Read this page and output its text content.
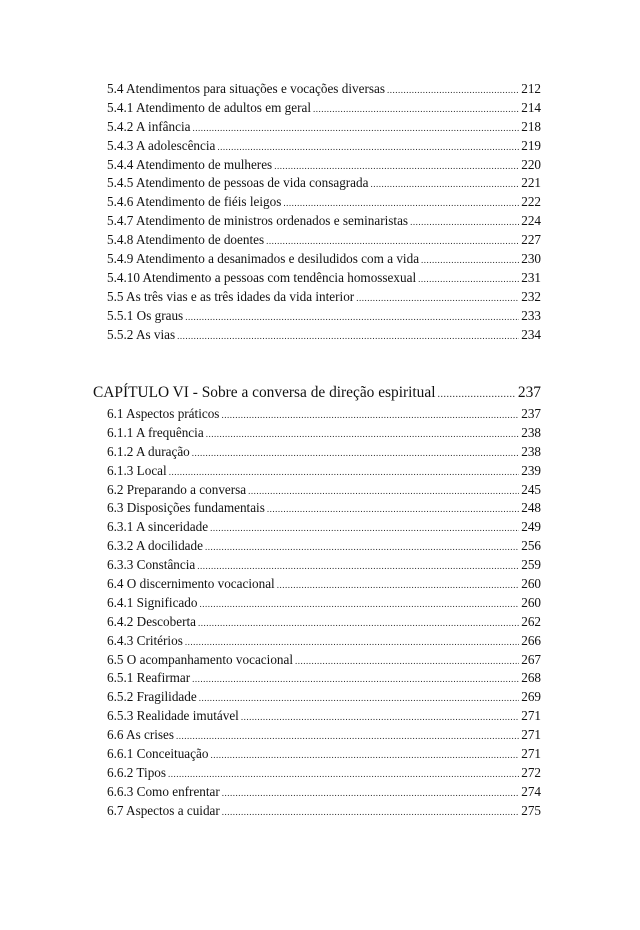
5.4 Atendimentos para situações e vocações diversas .....	212
5.4.1 Atendimento de adultos em geral .....	214
5.4.2 A infância .....	218
5.4.3 A adolescência .....	219
5.4.4 Atendimento de mulheres .....	220
5.4.5 Atendimento de pessoas de vida consagrada .....	221
5.4.6 Atendimento de fiéis leigos .....	222
5.4.7 Atendimento de ministros ordenados e seminaristas .....	224
5.4.8 Atendimento de doentes .....	227
5.4.9 Atendimento a desanimados e desiludidos com a vida .....	230
5.4.10 Atendimento a pessoas com tendência homossexual .....	231
5.5 As três vias e as três idades da vida interior .....	232
5.5.1 Os graus .....	233
5.5.2 As vias .....	234
CAPÍTULO VI - Sobre a conversa de direção espiritual .....	237
6.1 Aspectos práticos .....	237
6.1.1 A frequência .....	238
6.1.2 A duração .....	238
6.1.3 Local .....	239
6.2 Preparando a conversa .....	245
6.3 Disposições fundamentais .....	248
6.3.1 A sinceridade .....	249
6.3.2 A docilidade .....	256
6.3.3 Constância .....	259
6.4 O discernimento vocacional .....	260
6.4.1 Significado .....	260
6.4.2 Descoberta .....	262
6.4.3 Critérios .....	266
6.5 O acompanhamento vocacional .....	267
6.5.1 Reafirmar .....	268
6.5.2 Fragilidade .....	269
6.5.3 Realidade imutável .....	271
6.6 As crises .....	271
6.6.1 Conceituação .....	271
6.6.2 Tipos .....	272
6.6.3 Como enfrentar .....	274
6.7 Aspectos a cuidar .....	275
